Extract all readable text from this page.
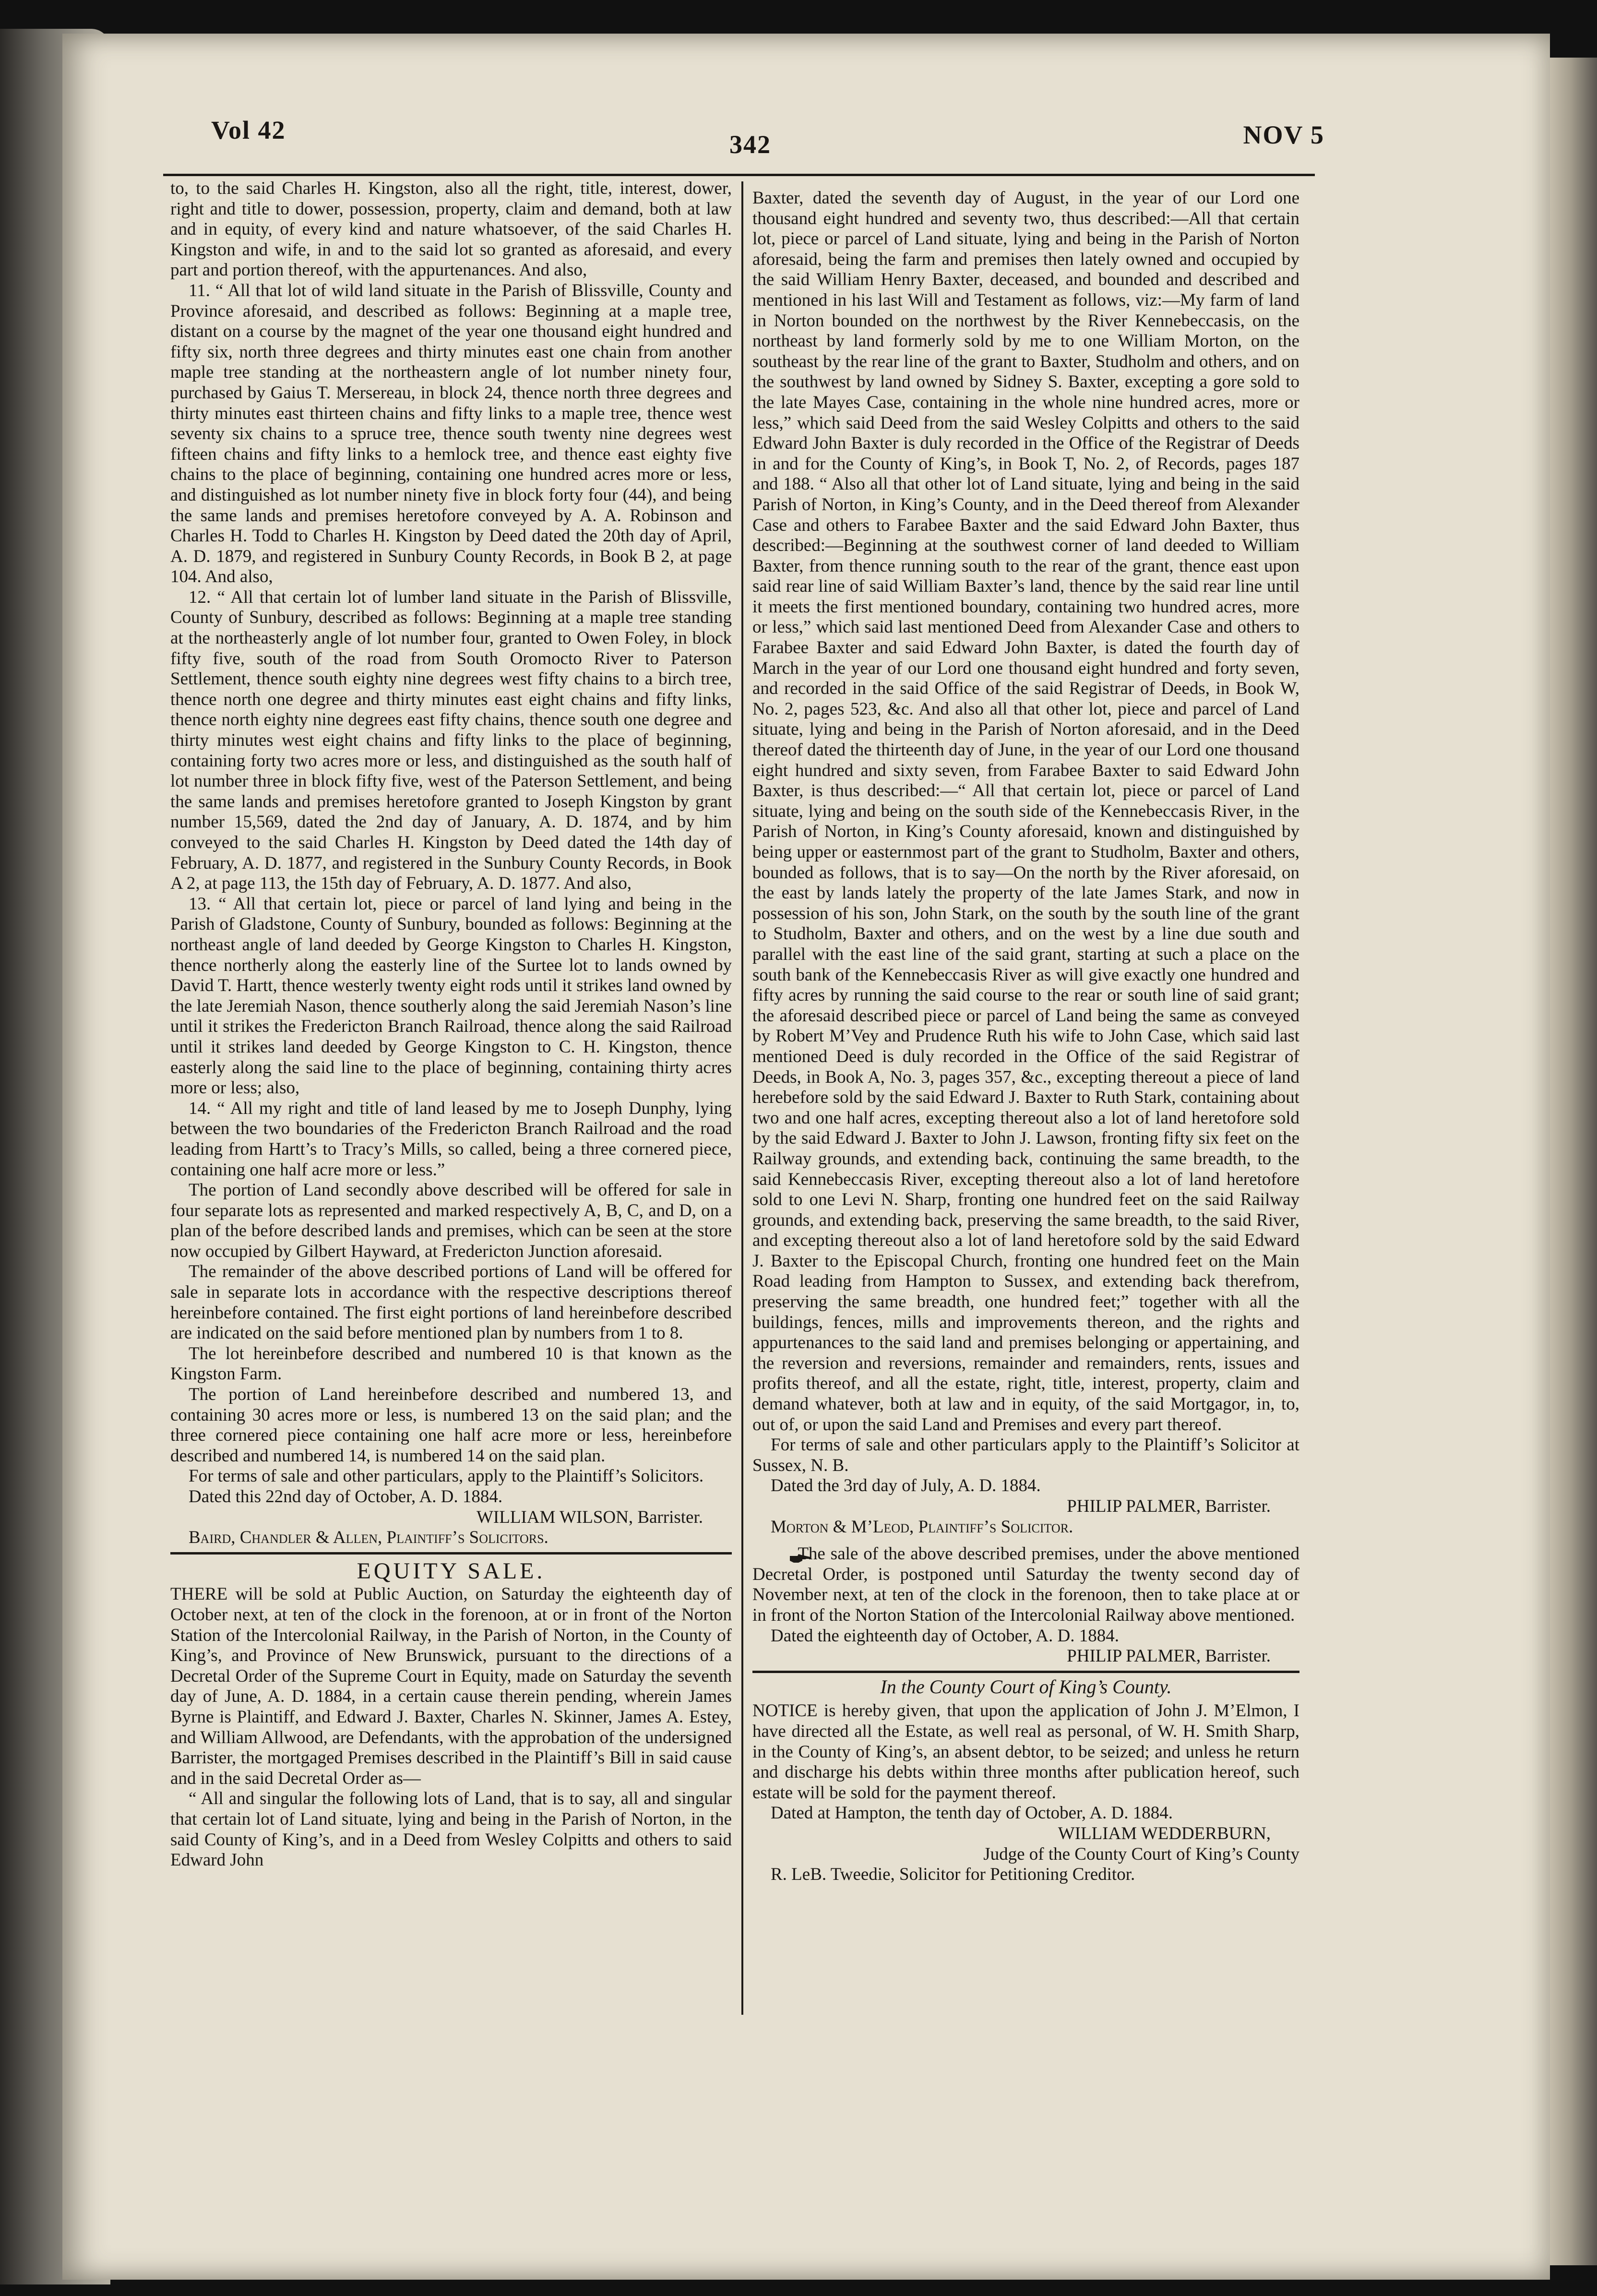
Vol 42	342	NOV 5

to, to the said Charles H. Kingston, also all the right, title, interest, dower, right and title to dower, possession, property, claim and demand, both at law and in equity, of every kind and nature whatsoever, of the said Charles H. Kingston and wife, in and to the said lot so granted as aforesaid, and every part and portion thereof, with the appurtenances. And also,

11. “ All that lot of wild land situate in the Parish of Blissville, County and Province aforesaid, and described as follows: Beginning at a maple tree, distant on a course by the magnet of the year one thousand eight hundred and fifty six, north three degrees and thirty minutes east one chain from another maple tree standing at the northeastern angle of lot number ninety four, purchased by Gaius T. Mersereau, in block 24, thence north three degrees and thirty minutes east thirteen chains and fifty links to a maple tree, thence west seventy six chains to a spruce tree, thence south twenty nine degrees west fifteen chains and fifty links to a hemlock tree, and thence east eighty five chains to the place of beginning, containing one hundred acres more or less, and distinguished as lot number ninety five in block forty four (44), and being the same lands and premises heretofore conveyed by A. A. Robinson and Charles H. Todd to Charles H. Kingston by Deed dated the 20th day of April, A. D. 1879, and registered in Sunbury County Records, in Book B 2, at page 104. And also,

12. “ All that certain lot of lumber land situate in the Parish of Blissville, County of Sunbury, described as follows: Beginning at a maple tree standing at the northeasterly angle of lot number four, granted to Owen Foley, in block fifty five, south of the road from South Oromocto River to Paterson Settlement, thence south eighty nine degrees west fifty chains to a birch tree, thence north one degree and thirty minutes east eight chains and fifty links, thence north eighty nine degrees east fifty chains, thence south one degree and thirty minutes west eight chains and fifty links to the place of beginning, containing forty two acres more or less, and distinguished as the south half of lot number three in block fifty five, west of the Paterson Settlement, and being the same lands and premises heretofore granted to Joseph Kingston by grant number 15,569, dated the 2nd day of January, A. D. 1874, and by him conveyed to the said Charles H. Kingston by Deed dated the 14th day of February, A. D. 1877, and registered in the Sunbury County Records, in Book A 2, at page 113, the 15th day of February, A. D. 1877. And also,

13. “ All that certain lot, piece or parcel of land lying and being in the Parish of Gladstone, County of Sunbury, bounded as follows: Beginning at the northeast angle of land deeded by George Kingston to Charles H. Kingston, thence northerly along the easterly line of the Surtee lot to lands owned by David T. Hartt, thence westerly twenty eight rods until it strikes land owned by the late Jeremiah Nason, thence southerly along the said Jeremiah Nason’s line until it strikes the Fredericton Branch Railroad, thence along the said Railroad until it strikes land deeded by George Kingston to C. H. Kingston, thence easterly along the said line to the place of beginning, containing thirty acres more or less; also,

14. “ All my right and title of land leased by me to Joseph Dunphy, lying between the two boundaries of the Fredericton Branch Railroad and the road leading from Hartt’s to Tracy’s Mills, so called, being a three cornered piece, containing one half acre more or less.”

The portion of Land secondly above described will be offered for sale in four separate lots as represented and marked respectively A, B, C, and D, on a plan of the before described lands and premises, which can be seen at the store now occupied by Gilbert Hayward, at Fredericton Junction aforesaid.

The remainder of the above described portions of Land will be offered for sale in separate lots in accordance with the respective descriptions thereof hereinbefore contained. The first eight portions of land hereinbefore described are indicated on the said before mentioned plan by numbers from 1 to 8.

The lot hereinbefore described and numbered 10 is that known as the Kingston Farm.

The portion of Land hereinbefore described and numbered 13, and containing 30 acres more or less, is numbered 13 on the said plan; and the three cornered piece containing one half acre more or less, hereinbefore described and numbered 14, is numbered 14 on the said plan.

For terms of sale and other particulars, apply to the Plaintiff’s Solicitors.

Dated this 22nd day of October, A. D. 1884.

WILLIAM WILSON, Barrister.

Baird, Chandler & Allen, Plaintiff’s Solicitors.

EQUITY SALE.

THERE will be sold at Public Auction, on Saturday the eighteenth day of October next, at ten of the clock in the forenoon, at or in front of the Norton Station of the Intercolonial Railway, in the Parish of Norton, in the County of King’s, and Province of New Brunswick, pursuant to the directions of a Decretal Order of the Supreme Court in Equity, made on Saturday the seventh day of June, A. D. 1884, in a certain cause therein pending, wherein James Byrne is Plaintiff, and Edward J. Baxter, Charles N. Skinner, James A. Estey, and William Allwood, are Defendants, with the approbation of the undersigned Barrister, the mortgaged Premises described in the Plaintiff’s Bill in said cause and in the said Decretal Order as—

“ All and singular the following lots of Land, that is to say, all and singular that certain lot of Land situate, lying and being in the Parish of Norton, in the said County of King’s, and in a Deed from Wesley Colpitts and others to said Edward John

Baxter, dated the seventh day of August, in the year of our Lord one thousand eight hundred and seventy two, thus described:—All that certain lot, piece or parcel of Land situate, lying and being in the Parish of Norton aforesaid, being the farm and premises then lately owned and occupied by the said William Henry Baxter, deceased, and bounded and described and mentioned in his last Will and Testament as follows, viz:—My farm of land in Norton bounded on the northwest by the River Kennebeccasis, on the northeast by land formerly sold by me to one William Morton, on the southeast by the rear line of the grant to Baxter, Studholm and others, and on the southwest by land owned by Sidney S. Baxter, excepting a gore sold to the late Mayes Case, containing in the whole nine hundred acres, more or less,” which said Deed from the said Wesley Colpitts and others to the said Edward John Baxter is duly recorded in the Office of the Registrar of Deeds in and for the County of King’s, in Book T, No. 2, of Records, pages 187 and 188. “ Also all that other lot of Land situate, lying and being in the said Parish of Norton, in King’s County, and in the Deed thereof from Alexander Case and others to Farabee Baxter and the said Edward John Baxter, thus described:—Beginning at the southwest corner of land deeded to William Baxter, from thence running south to the rear of the grant, thence east upon said rear line of said William Baxter’s land, thence by the said rear line until it meets the first mentioned boundary, containing two hundred acres, more or less,” which said last mentioned Deed from Alexander Case and others to Farabee Baxter and said Edward John Baxter, is dated the fourth day of March in the year of our Lord one thousand eight hundred and forty seven, and recorded in the said Office of the said Registrar of Deeds, in Book W, No. 2, pages 523, &c. And also all that other lot, piece and parcel of Land situate, lying and being in the Parish of Norton aforesaid, and in the Deed thereof dated the thirteenth day of June, in the year of our Lord one thousand eight hundred and sixty seven, from Farabee Baxter to said Edward John Baxter, is thus described:—“ All that certain lot, piece or parcel of Land situate, lying and being on the south side of the Kennebeccasis River, in the Parish of Norton, in King’s County aforesaid, known and distinguished by being upper or easternmost part of the grant to Studholm, Baxter and others, bounded as follows, that is to say—On the north by the River aforesaid, on the east by lands lately the property of the late James Stark, and now in possession of his son, John Stark, on the south by the south line of the grant to Studholm, Baxter and others, and on the west by a line due south and parallel with the east line of the said grant, starting at such a place on the south bank of the Kennebeccasis River as will give exactly one hundred and fifty acres by running the said course to the rear or south line of said grant; the aforesaid described piece or parcel of Land being the same as conveyed by Robert M’Vey and Prudence Ruth his wife to John Case, which said last mentioned Deed is duly recorded in the Office of the said Registrar of Deeds, in Book A, No. 3, pages 357, &c., excepting thereout a piece of land herebefore sold by the said Edward J. Baxter to Ruth Stark, containing about two and one half acres, excepting thereout also a lot of land heretofore sold by the said Edward J. Baxter to John J. Lawson, fronting fifty six feet on the Railway grounds, and extending back, continuing the same breadth, to the said Kennebeccasis River, excepting thereout also a lot of land heretofore sold to one Levi N. Sharp, fronting one hundred feet on the said Railway grounds, and extending back, preserving the same breadth, to the said River, and excepting thereout also a lot of land heretofore sold by the said Edward J. Baxter to the Episcopal Church, fronting one hundred feet on the Main Road leading from Hampton to Sussex, and extending back therefrom, preserving the same breadth, one hundred feet;” together with all the buildings, fences, mills and improvements thereon, and the rights and appurtenances to the said land and premises belonging or appertaining, and the reversion and reversions, remainder and remainders, rents, issues and profits thereof, and all the estate, right, title, interest, property, claim and demand whatever, both at law and in equity, of the said Mortgagor, in, to, out of, or upon the said Land and Premises and every part thereof.

For terms of sale and other particulars apply to the Plaintiff’s Solicitor at Sussex, N. B.

Dated the 3rd day of July, A. D. 1884.

PHILIP PALMER, Barrister.

Morton & M’Leod, Plaintiff’s Solicitor.

The sale of the above described premises, under the above mentioned Decretal Order, is postponed until Saturday the twenty second day of November next, at ten of the clock in the forenoon, then to take place at or in front of the Norton Station of the Intercolonial Railway above mentioned.

Dated the eighteenth day of October, A. D. 1884.

PHILIP PALMER, Barrister.

In the County Court of King’s County.

NOTICE is hereby given, that upon the application of John J. M’Elmon, I have directed all the Estate, as well real as personal, of W. H. Smith Sharp, in the County of King’s, an absent debtor, to be seized; and unless he return and discharge his debts within three months after publication hereof, such estate will be sold for the payment thereof.

Dated at Hampton, the tenth day of October, A. D. 1884.

WILLIAM WEDDERBURN,

Judge of the County Court of King’s County

R. LeB. Tweedie, Solicitor for Petitioning Creditor.
